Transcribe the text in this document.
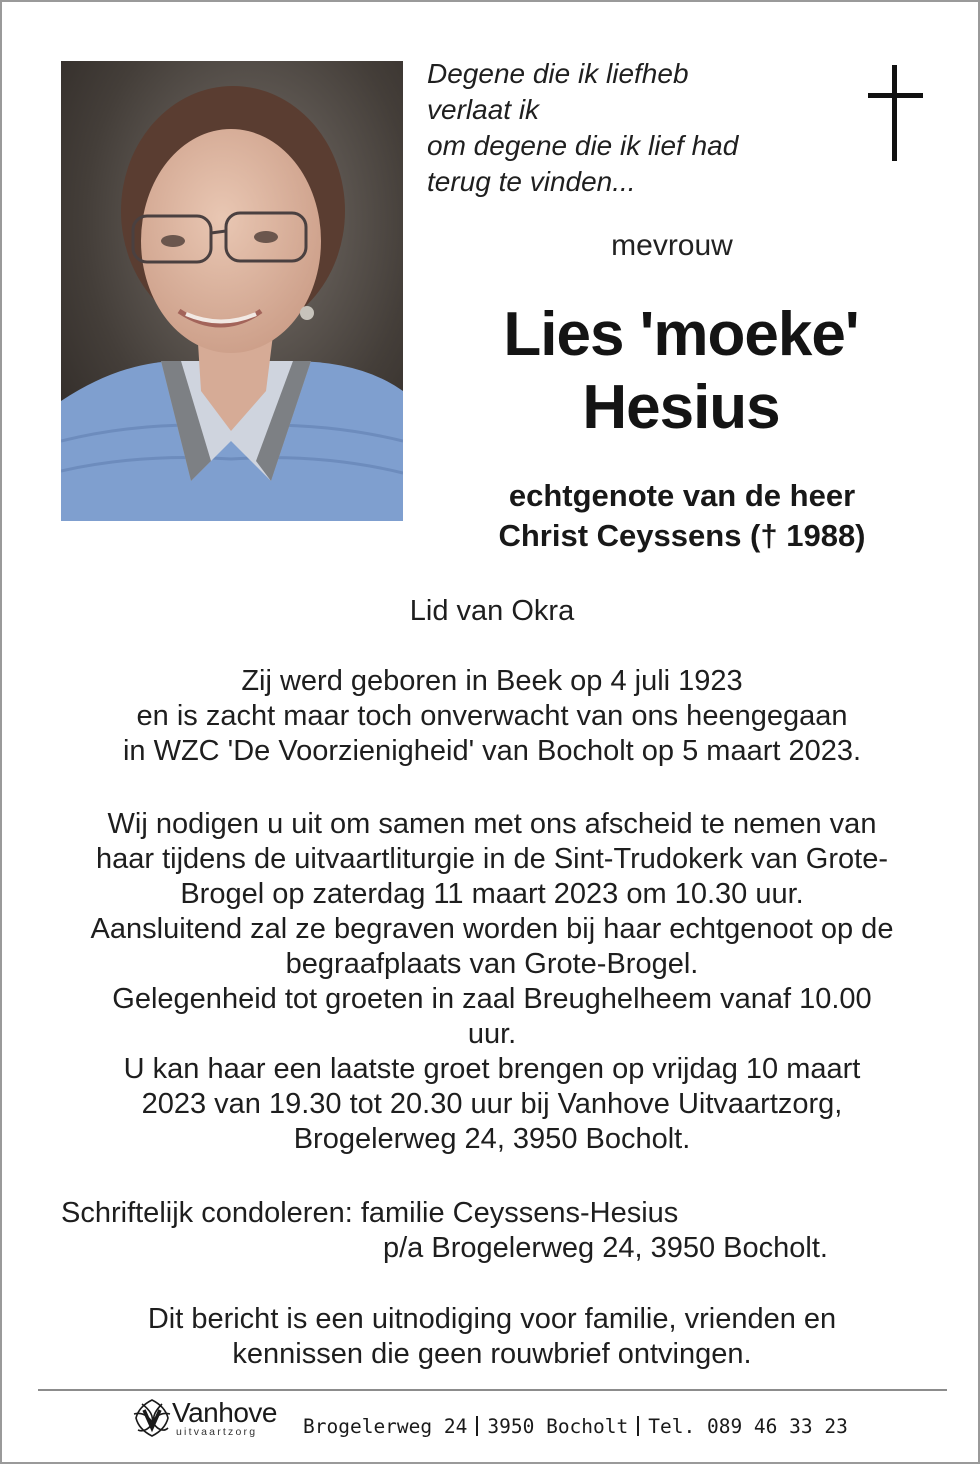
Degene die ik liefheb
verlaat ik
om degene die ik lief had
terug te vinden...
mevrouw
Lies 'moeke'
Hesius
echtgenote van de heer
Christ Ceyssens († 1988)
Lid van Okra
Zij werd geboren in Beek op 4 juli 1923
en is zacht maar toch onverwacht van ons heengegaan
in WZC 'De Voorzienigheid' van Bocholt op 5 maart 2023.
Wij nodigen u uit om samen met ons afscheid te nemen van
haar tijdens de uitvaartliturgie in de Sint-Trudokerk van Grote-
Brogel op zaterdag 11 maart 2023 om 10.30 uur.
Aansluitend zal ze begraven worden bij haar echtgenoot op de
begraafplaats van Grote-Brogel.
Gelegenheid tot groeten in zaal Breughelheem vanaf 10.00
uur.
U kan haar een laatste groet brengen op vrijdag 10 maart
2023 van 19.30 tot 20.30 uur bij Vanhove Uitvaartzorg,
Brogelerweg 24, 3950 Bocholt.
Schriftelijk condoleren: familie Ceyssens-Hesius
p/a Brogelerweg 24, 3950 Bocholt.
Dit bericht is een uitnodiging voor familie, vrienden en
kennissen die geen rouwbrief ontvingen.
Vanhove
uitvaartzorg Brogelerweg 24 3950 Bocholt Tel. 089 46 33 23
